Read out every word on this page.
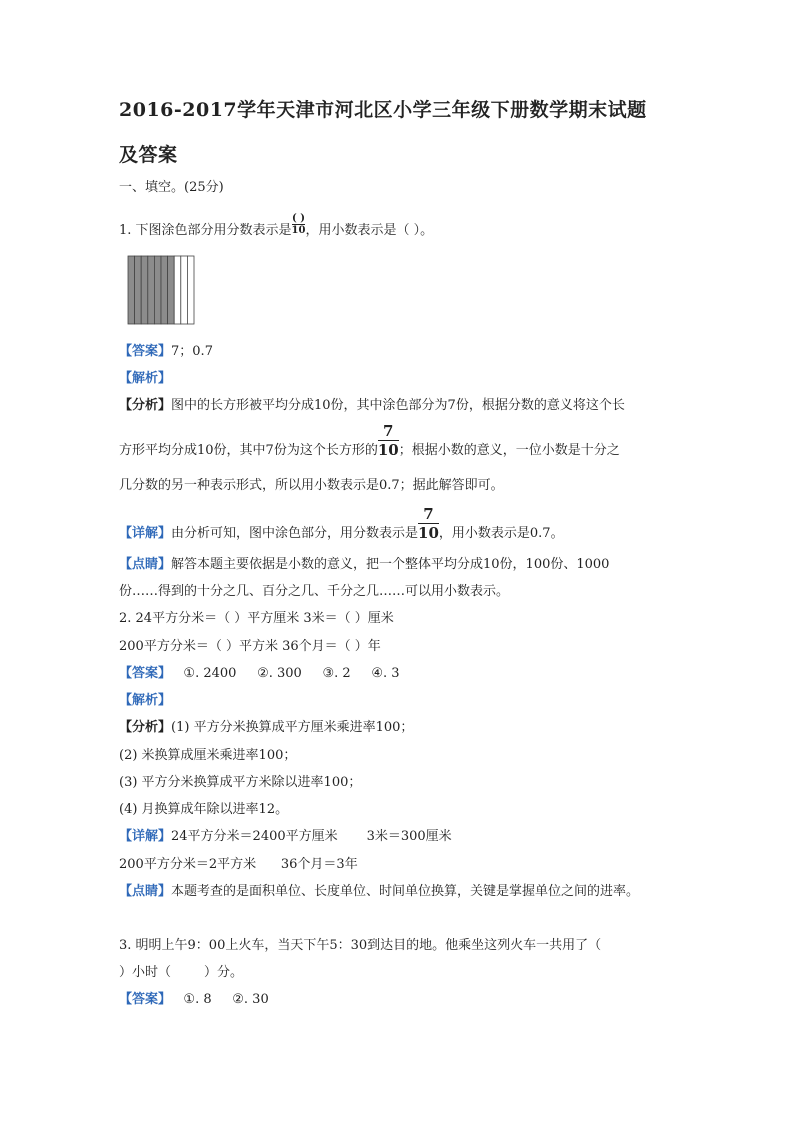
2016-2017学年天津市河北区小学三年级下册数学期末试题
及答案
一、填空。(25分)
1. 下图涂色部分用分数表示是 $\frac{( )}{10}$ ，用小数表示是（ ）。
【答案】7；0.7
【解析】
【分析】图中的长方形被平均分成10份，其中涂色部分为7份，根据分数的意义将这个长
方形平均分成10份，其中7份为这个长方形的 $\frac{7}{10}$ ；根据小数的意义，一位小数是十分之
几分数的另一种表示形式，所以用小数表示是0.7；据此解答即可。
【详解】由分析可知，图中涂色部分，用分数表示是 $\frac{7}{10}$ ，用小数表示是0.7。
【点睛】解答本题主要依据是小数的意义，把一个整体平均分成10份，100份、1000
份……得到的十分之几、百分之几、千分之几……可以用小数表示。
2. 24平方分米＝（ ）平方厘米 3米＝（ ）厘米
200平方分米＝（ ）平方米 36个月＝（ ）年
【答案】   ①. 2400     ②. 300     ③. 2     ④. 3
【解析】
【分析】(1) 平方分米换算成平方厘米乘进率100；
(2) 米换算成厘米乘进率100；
(3) 平方分米换算成平方米除以进率100；
(4) 月换算成年除以进率12。
【详解】24平方分米＝2400平方厘米       3米＝300厘米
200平方分米＝2平方米      36个月＝3年
【点睛】本题考查的是面积单位、长度单位、时间单位换算，关键是掌握单位之间的进率。
3. 明明上午9：00上火车，当天下午5：30到达目的地。他乘坐这列火车一共用了（
）小时（        ）分。
【答案】   ①. 8     ②. 30
